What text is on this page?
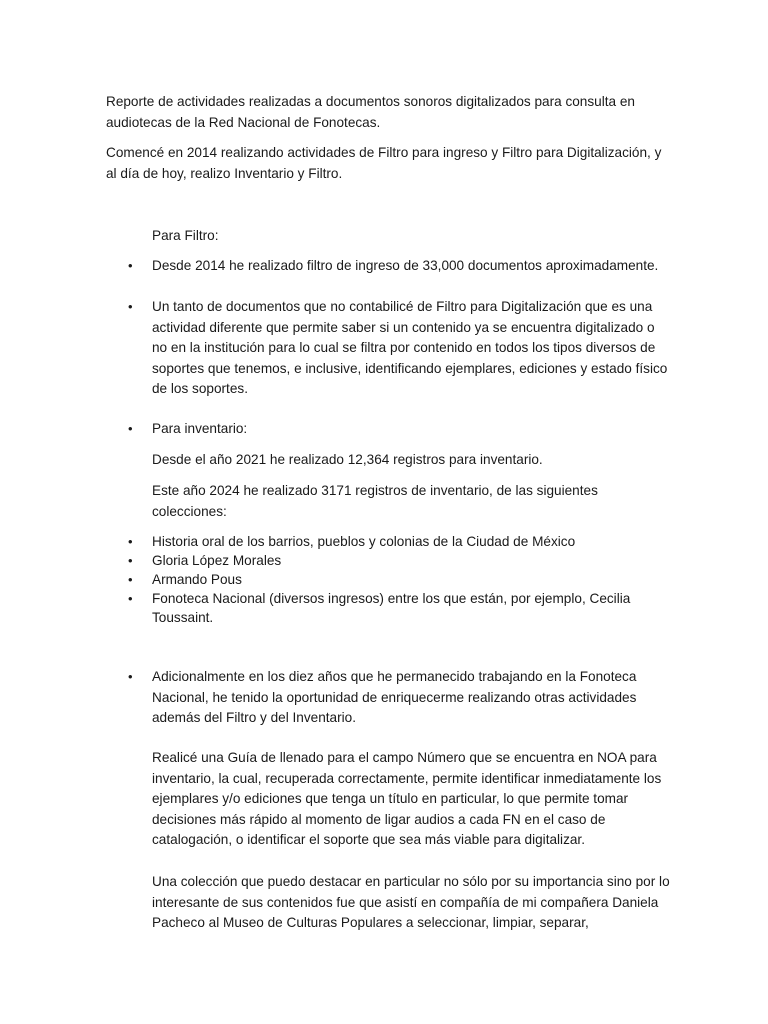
Reporte de actividades realizadas a documentos sonoros digitalizados para consulta en audiotecas de la Red Nacional de Fonotecas.

Comencé en 2014 realizando actividades de Filtro para ingreso y Filtro para Digitalización, y al día de hoy, realizo Inventario y Filtro.

Para Filtro:

•	Desde 2014 he realizado filtro de ingreso de 33,000 documentos aproximadamente.
•	Un tanto de documentos que no contabilicé de Filtro para Digitalización que es una actividad diferente que permite saber si un contenido ya se encuentra digitalizado o no en la institución para lo cual se filtra por contenido en todos los tipos diversos de soportes que tenemos, e inclusive, identificando ejemplares, ediciones y estado físico de los soportes.
•	Para inventario:

Desde el año 2021 he realizado 12,364 registros para inventario.

Este año 2024 he realizado 3171 registros de inventario, de las siguientes colecciones:

•	Historia oral de los barrios, pueblos y colonias de la Ciudad de México
•	Gloria López Morales
•	Armando Pous
•	Fonoteca Nacional (diversos ingresos) entre los que están, por ejemplo, Cecilia Toussaint.
•	Adicionalmente en los diez años que he permanecido trabajando en la Fonoteca Nacional, he tenido la oportunidad de enriquecerme realizando otras actividades además del Filtro y del Inventario.

Realicé una Guía de llenado para el campo Número que se encuentra en NOA para inventario, la cual, recuperada correctamente, permite identificar inmediatamente los ejemplares y/o ediciones que tenga un título en particular, lo que permite tomar decisiones más rápido al momento de ligar audios a cada FN en el caso de catalogación, o identificar el soporte que sea más viable para digitalizar.

Una colección que puedo destacar en particular no sólo por su importancia sino por lo interesante de sus contenidos fue que asistí en compañía de mi compañera Daniela Pacheco al Museo de Culturas Populares a seleccionar, limpiar, separar,
